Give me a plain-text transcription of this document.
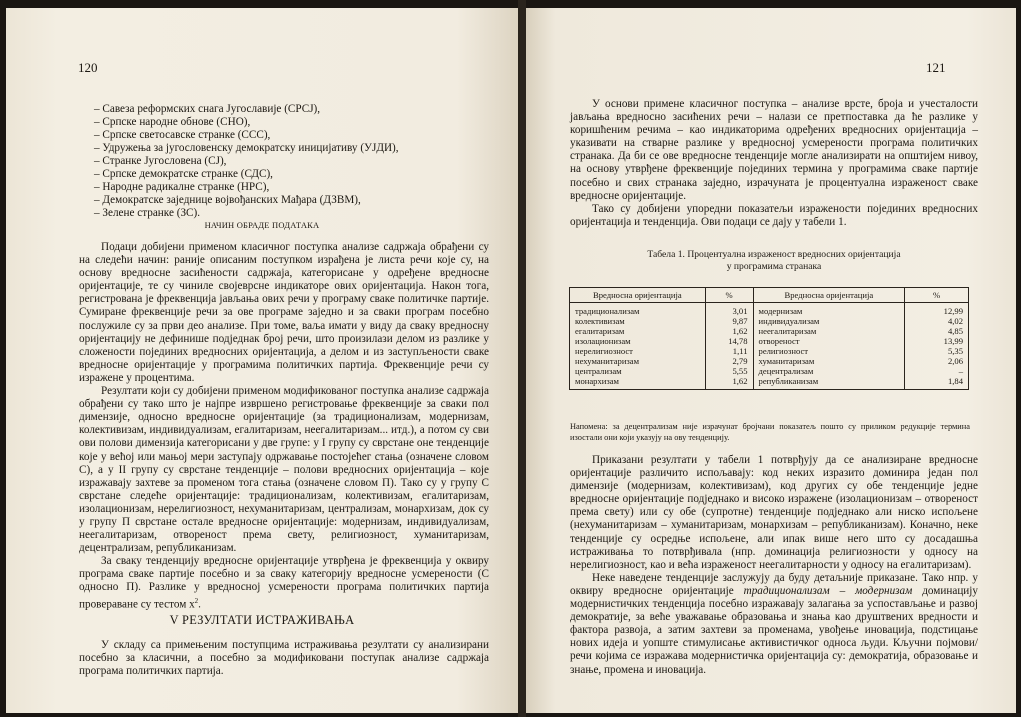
120
– Савеза реформских снага Југославије (СРСЈ),
– Српске народне обнове (СНО),
– Српске светосавске странке (ССС),
– Удружења за југословенску демократску иницијативу (УЈДИ),
– Странке Југословена (СЈ),
– Српске демократске странке (СДС),
– Народне радикалне странке (НРС),
– Демократске заједнице војвођанских Мађара (ДЗВМ),
– Зелене странке (ЗС).
НАЧИН ОБРАДЕ ПОДАТАКА

Подаци добијени применом класичног поступка анализе садржаја обрађени су на следећи начин: раније описаним поступком израђена је листа речи које су, на основу вредносне засићености садржаја, категорисане у одређене вредносне оријентације, те су чиниле својеврсне индикаторе ових оријентација. Након тога, регистрована је фреквенција јављања ових речи у програму сваке политичке партије. Сумиране фреквенције речи за ове програме заједно и за сваки програм посебно послужиле су за први део анализе. При томе, ваља имати у виду да сваку вредносну оријентацију не дефинише подједнак број речи, што произилази делом из разлике у сложености појединих вредносних оријентација, а делом и из заступљености сваке вредносне оријентације у програмима политичких партија. Фреквенције речи су изражене у процентима.

Резултати који су добијени применом модификованог поступка анализе садржаја обрађени су тако што је најпре извршено регистровање фреквенције за сваки пол димензије, односно вредносне оријентације (за традиционализам, модернизам, колективизам, индивидуализам, егалитаризам, неегалитаризам... итд.), а потом су сви ови полови димензија категорисани у две групе: у I групу су сврстане оне тенденције које у већој или мањој мери заступају одржавање постојећег стања (означене словом С), а у II групу су сврстане тенденције – полови вредносних оријентација – које изражавају захтеве за променом тога стања (означене словом П). Тако су у групу С сврстане следеће оријентације: традиционализам, колективизам, егалитаризам, изолационизам, нерелигиозност, нехуманитаризам, централизам, монархизам, док су у групу П сврстане остале вредносне оријентације: модернизам, индивидуализам, неегалитаризам, отвореност према свету, религиозност, хуманитаризам, децентрализам, републиканизам.

За сваку тенденцију вредносне оријентације утврђена је фреквенција у оквиру програма сваке партије посебно и за сваку категорију вредносне усмерености (С односно П). Разлике у вредносној усмерености програма политичких партија провераване су тестом $х^2$.

V РЕЗУЛТАТИ ИСТРАЖИВАЊА

У складу са примењеним поступцима истраживања резултати су анализирани посебно за класични, а посебно за модификовани поступак анализе садржаја програма политичких партија.

121

У основи примене класичног поступка – анализе врсте, броја и учесталости јављања вредносно засићених речи – налази се претпоставка да ће разлике у коришћеним речима – као индикаторима одређених вредносних оријентација – указивати на стварне разлике у вредносној усмерености програма политичких странака. Да би се ове вредносне тенденције могле анализирати на општијем нивоу, на основу утврђене фреквенције појединих термина у програмима сваке партије посебно и свих странака заједно, израчуната је процентуална израженост сваке вредносне оријентације.

Тако су добијени упоредни показатељи изражености појединих вредносних оријентација и тенденција. Ови подаци се дају у табели 1.

Табела 1. Процентуална израженост вредносних оријентација
у програмима странака
Вредносна оријентација	%	Вредносна оријентација	%
традиционализам	3,01	модернизам	12,99
колективизам	9,87	индивидуализам	4,02
егалитаризам	1,62	неегалитаризам	4,85
изолационизам	14,78	отвореност	13,99
нерелигиозност	1,11	религиозност	5,35
нехуманитаризам	2,79	хуманитаризам	2,06
централизам	5,55	децентрализам	–
монархизам	1,62	републиканизам	1,84
Напомена: за децентрализам није израчунат бројчани показатељ пошто су приликом редукције термина изостали они који указују на ову тенденцију.

Приказани резултати у табели 1 потврђују да се анализиране вредносне оријентације различито испољавају: код неких изразито доминира један пол димензије (модернизам, колективизам), код других су обе тенденције једне вредносне оријентације подједнако и високо изражене (изолационизам – отвореност према свету) или су обе (супротне) тенденције подједнако али ниско испољене (нехуманитаризам – хуманитаризам, монархизам – републиканизам). Коначно, неке тенденције су осредње испољене, али ипак више него што су досадашња истраживања то потврђивала (нпр. доминација религиозности у односу на нерелигиозност, као и већа израженост неегалитарности у односу на егалитаризам).

Неке наведене тенденције заслужују да буду детаљније приказане. Тако нпр. у оквиру вредносне оријентације традиционализам – модернизам доминацију модернистичких тенденција посебно изражавају залагања за успостављање и развој демократије, за веће уважавање образовања и знања као друштвених вредности и фактора развоја, а затим захтеви за променама, увођење иновација, подстицање нових идеја и уопште стимулисање активистичког односа људи. Кључни појмови/речи којима се изражава модернистичка оријентација су: демократија, образовање и знање, промена и иновација.
